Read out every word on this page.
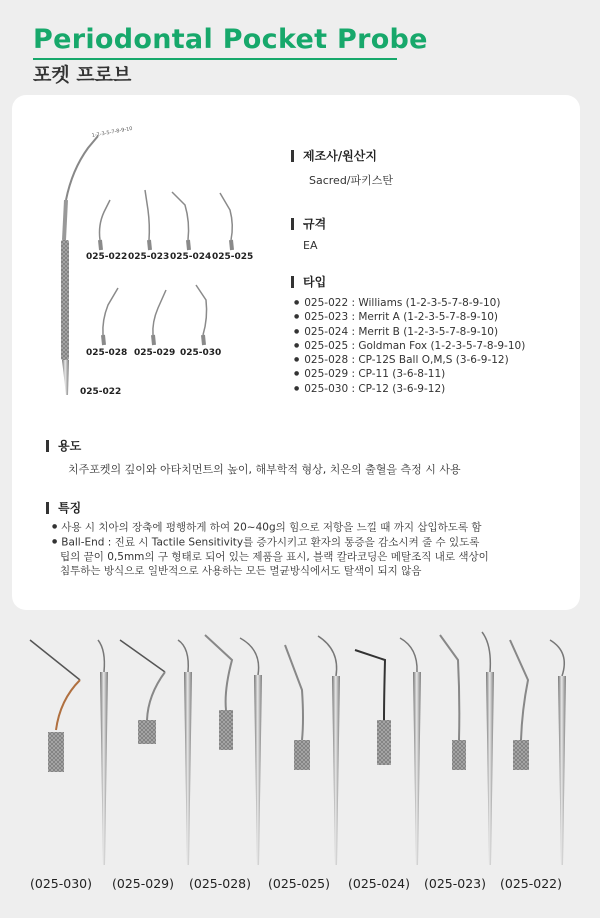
Periodontal Pocket Probe
포켓 프로브
1-2-3-5-7-8-9-10
025-022
025-022 025-023 025-024 025-025
025-028 025-029 025-030
제조사/원산지
Sacred/파키스탄
규격
EA
타입
● 025-022 : Williams (1-2-3-5-7-8-9-10)
● 025-023 : Merrit A (1-2-3-5-7-8-9-10)
● 025-024 : Merrit B (1-2-3-5-7-8-9-10)
● 025-025 : Goldman Fox (1-2-3-5-7-8-9-10)
● 025-028 : CP-12S Ball O,M,S (3-6-9-12)
● 025-029 : CP-11 (3-6-8-11)
● 025-030 : CP-12 (3-6-9-12)
용도
치주포켓의 깊이와 아타치먼트의 높이, 해부학적 형상, 치은의 출혈을 측정 시 사용
특징
● 사용 시 치아의 장축에 평행하게 하여 20~40g의 힘으로 저항을 느낄 때 까지 삽입하도록 함
● Ball-End : 진료 시 Tactile Sensitivity를 증가시키고 환자의 통증을 감소시켜 줄 수 있도록
팁의 끝이 0,5mm의 구 형태로 되어 있는 제품을 표시, 블랙 칼라코딩은 메탈조직 내로 색상이
침투하는 방식으로 일반적으로 사용하는 모든 멸균방식에서도 탈색이 되지 않음
(025-030) (025-029) (025-028) (025-025) (025-024) (025-023) (025-022)
